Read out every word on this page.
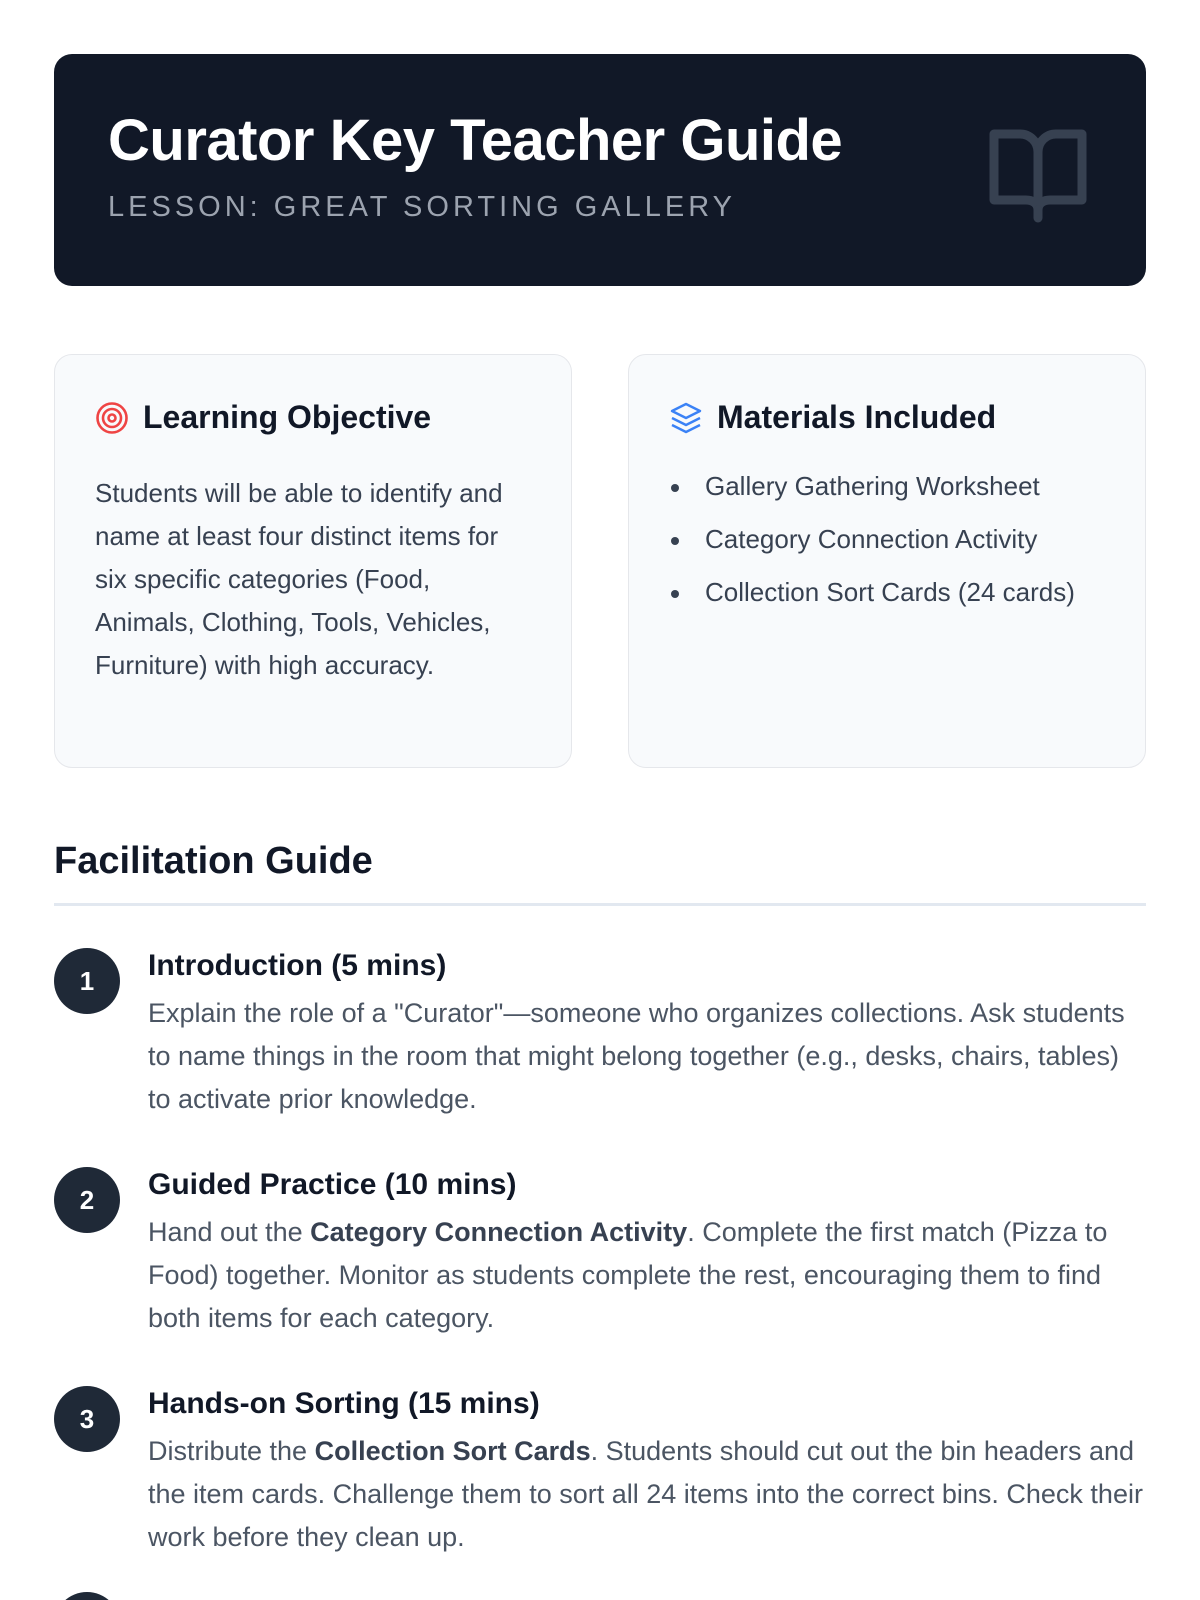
Curator Key Teacher Guide
LESSON: GREAT SORTING GALLERY
Learning Objective

Students will be able to identify and name at least four distinct items for six specific categories (Food, Animals, Clothing, Tools, Vehicles, Furniture) with high accuracy.

Materials Included
Gallery Gathering Worksheet
Category Connection Activity
Collection Sort Cards (24 cards)
Facilitation Guide
1	Introduction (5 mins)

Explain the role of a "Curator"—someone who organizes collections. Ask students to name things in the room that might belong together (e.g., desks, chairs, tables) to activate prior knowledge.

2	Guided Practice (10 mins)

Hand out the Category Connection Activity. Complete the first match (Pizza to Food) together. Monitor as students complete the rest, encouraging them to find both items for each category.

3	Hands-on Sorting (15 mins)

Distribute the Collection Sort Cards. Students should cut out the bin headers and the item cards. Challenge them to sort all 24 items into the correct bins. Check their work before they clean up.
